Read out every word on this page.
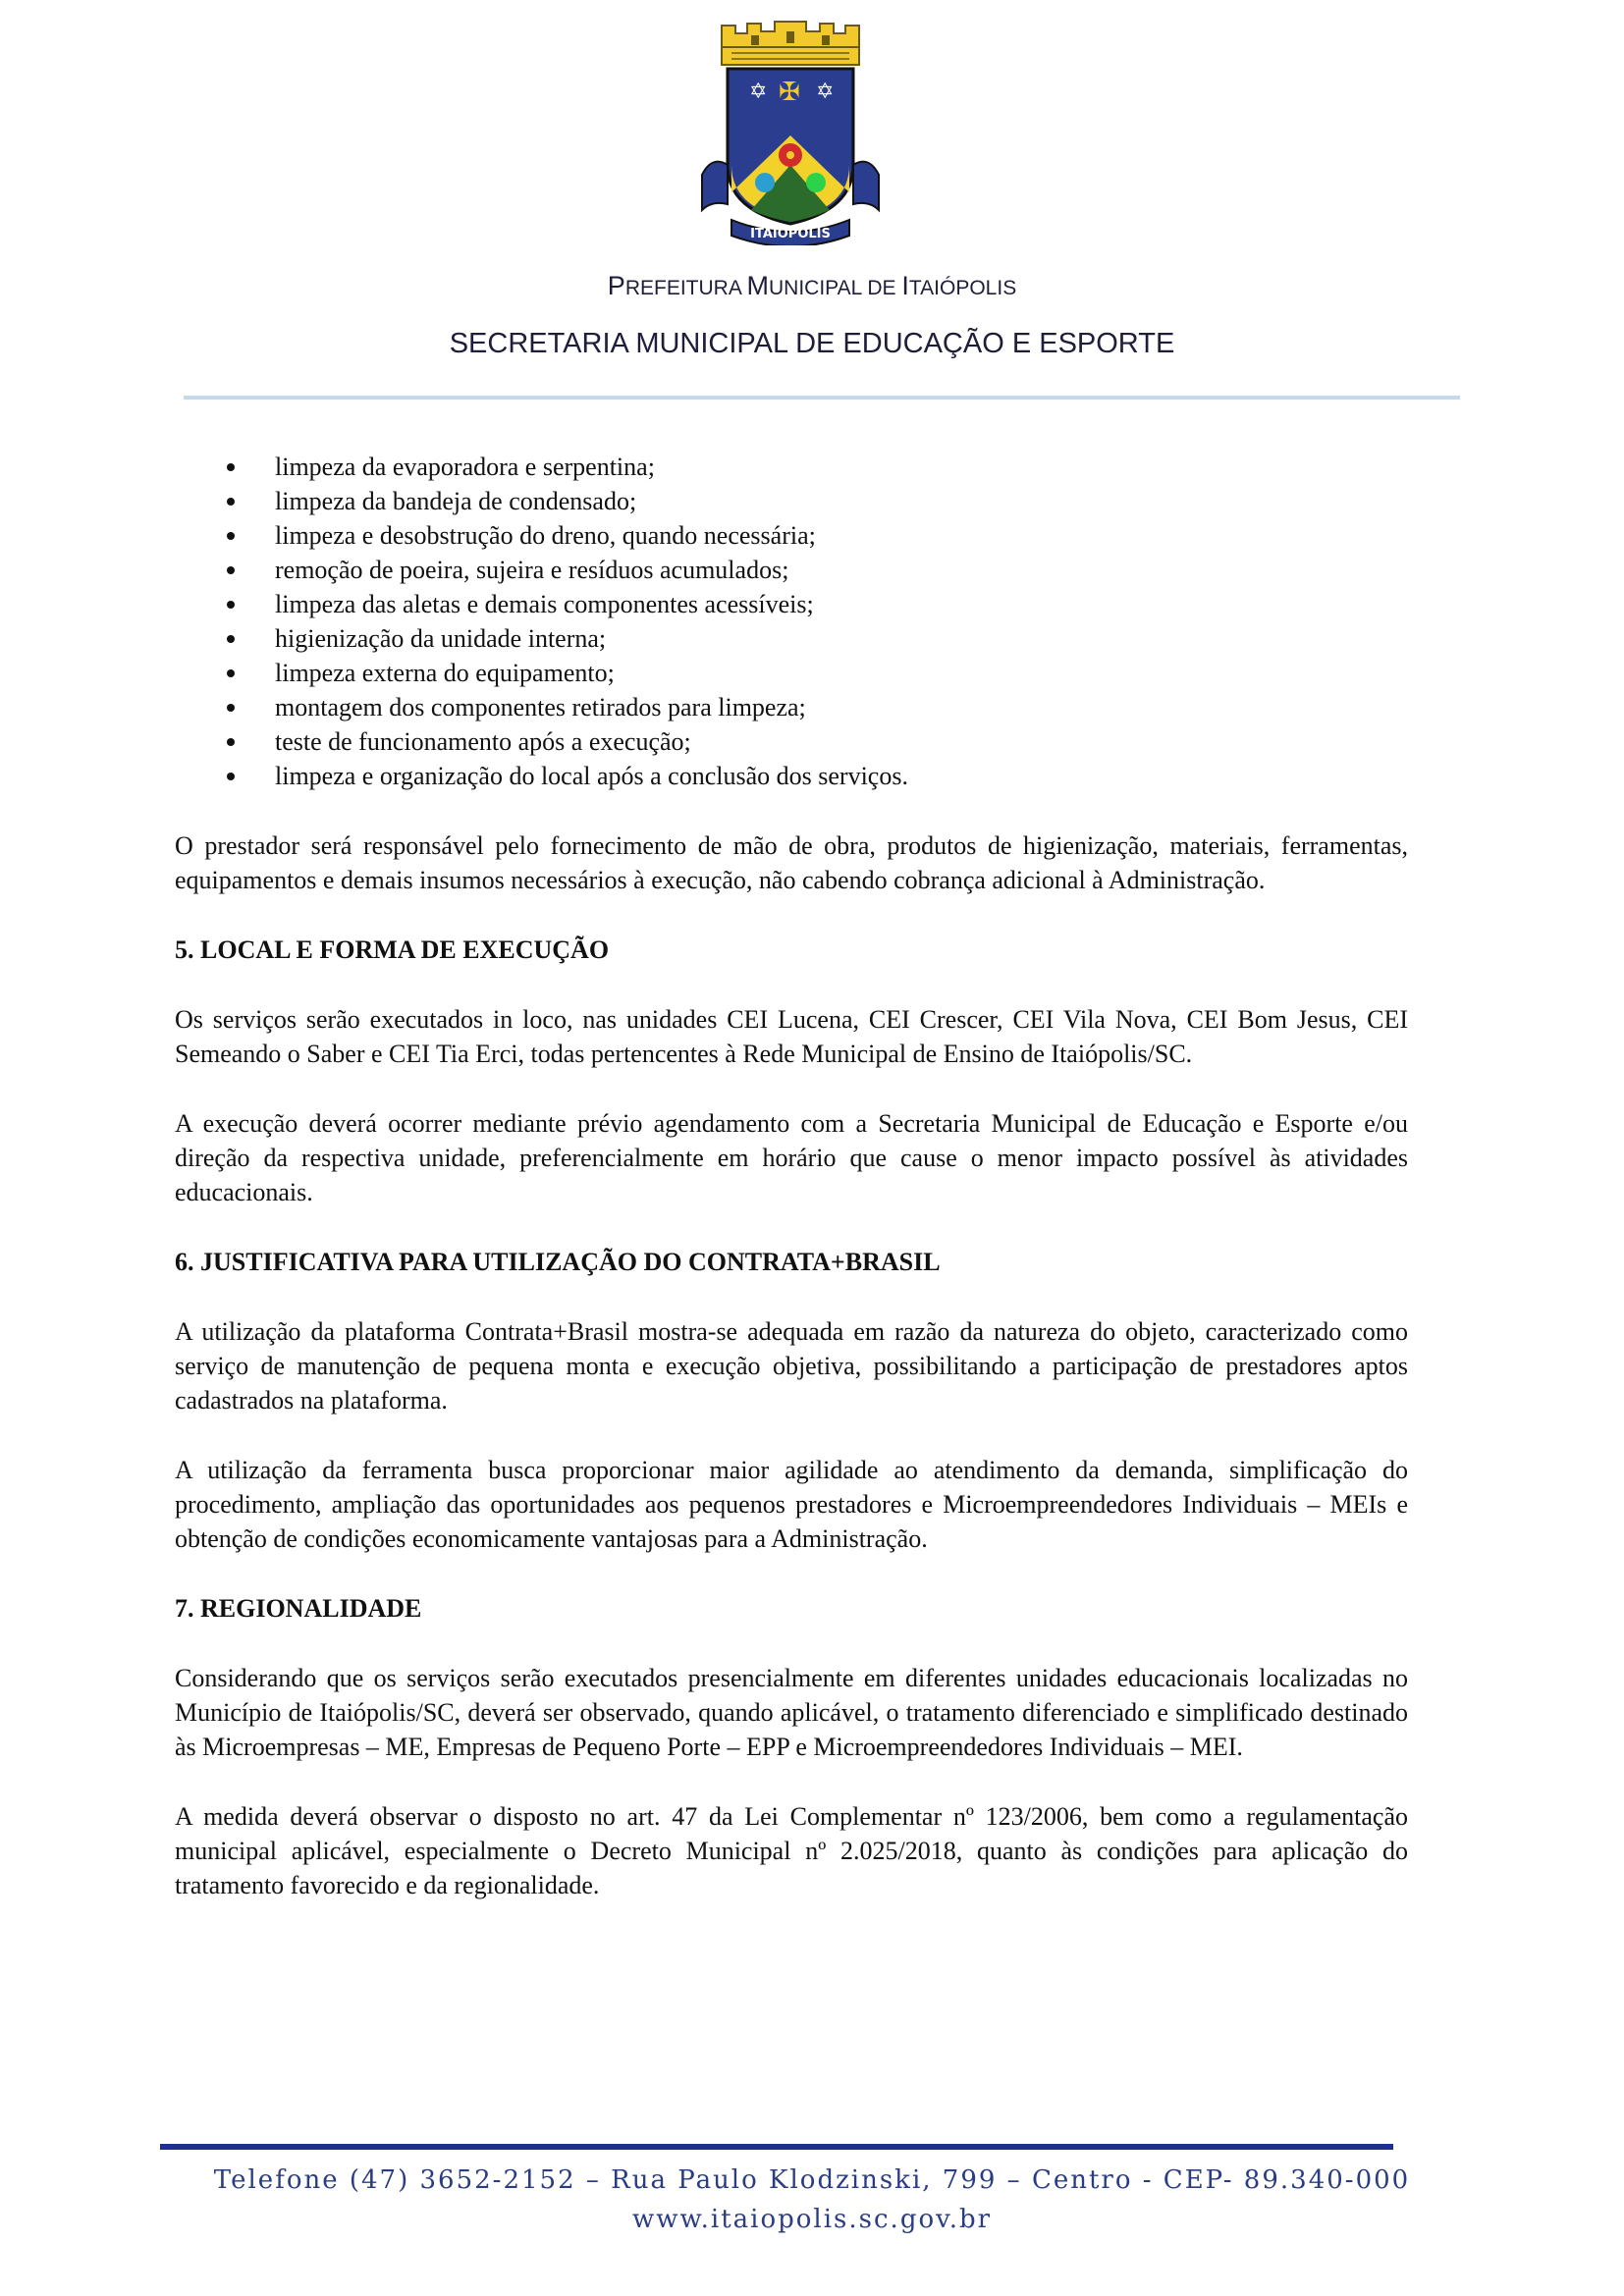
✡ ✡
✠
ITAIOPOLIS
PREFEITURA MUNICIPAL DE ITAIÓPOLIS
SECRETARIA MUNICIPAL DE EDUCAÇÃO E ESPORTE
limpeza da evaporadora e serpentina;
limpeza da bandeja de condensado;
limpeza e desobstrução do dreno, quando necessária;
remoção de poeira, sujeira e resíduos acumulados;
limpeza das aletas e demais componentes acessíveis;
higienização da unidade interna;
limpeza externa do equipamento;
montagem dos componentes retirados para limpeza;
teste de funcionamento após a execução;
limpeza e organização do local após a conclusão dos serviços.

O prestador será responsável pelo fornecimento de mão de obra, produtos de higienização, materiais, ferramentas, equipamentos e demais insumos necessários à execução, não cabendo cobrança adicional à Administração.

5. LOCAL E FORMA DE EXECUÇÃO

Os serviços serão executados in loco, nas unidades CEI Lucena, CEI Crescer, CEI Vila Nova, CEI Bom Jesus, CEI Semeando o Saber e CEI Tia Erci, todas pertencentes à Rede Municipal de Ensino de Itaiópolis/SC.

A execução deverá ocorrer mediante prévio agendamento com a Secretaria Municipal de Educação e Esporte e/ou direção da respectiva unidade, preferencialmente em horário que cause o menor impacto possível às atividades educacionais.

6. JUSTIFICATIVA PARA UTILIZAÇÃO DO CONTRATA+BRASIL

A utilização da plataforma Contrata+Brasil mostra-se adequada em razão da natureza do objeto, caracterizado como serviço de manutenção de pequena monta e execução objetiva, possibilitando a participação de prestadores aptos cadastrados na plataforma.

A utilização da ferramenta busca proporcionar maior agilidade ao atendimento da demanda, simplificação do procedimento, ampliação das oportunidades aos pequenos prestadores e Microempreendedores Individuais – MEIs e obtenção de condições economicamente vantajosas para a Administração.

7. REGIONALIDADE

Considerando que os serviços serão executados presencialmente em diferentes unidades educacionais localizadas no Município de Itaiópolis/SC, deverá ser observado, quando aplicável, o tratamento diferenciado e simplificado destinado às Microempresas – ME, Empresas de Pequeno Porte – EPP e Microempreendedores Individuais – MEI.

A medida deverá observar o disposto no art. 47 da Lei Complementar nº 123/2006, bem como a regulamentação municipal aplicável, especialmente o Decreto Municipal nº 2.025/2018, quanto às condições para aplicação do tratamento favorecido e da regionalidade.

Telefone (47) 3652-2152 – Rua Paulo Klodzinski, 799 – Centro - CEP- 89.340-000
www.itaiopolis.sc.gov.br
